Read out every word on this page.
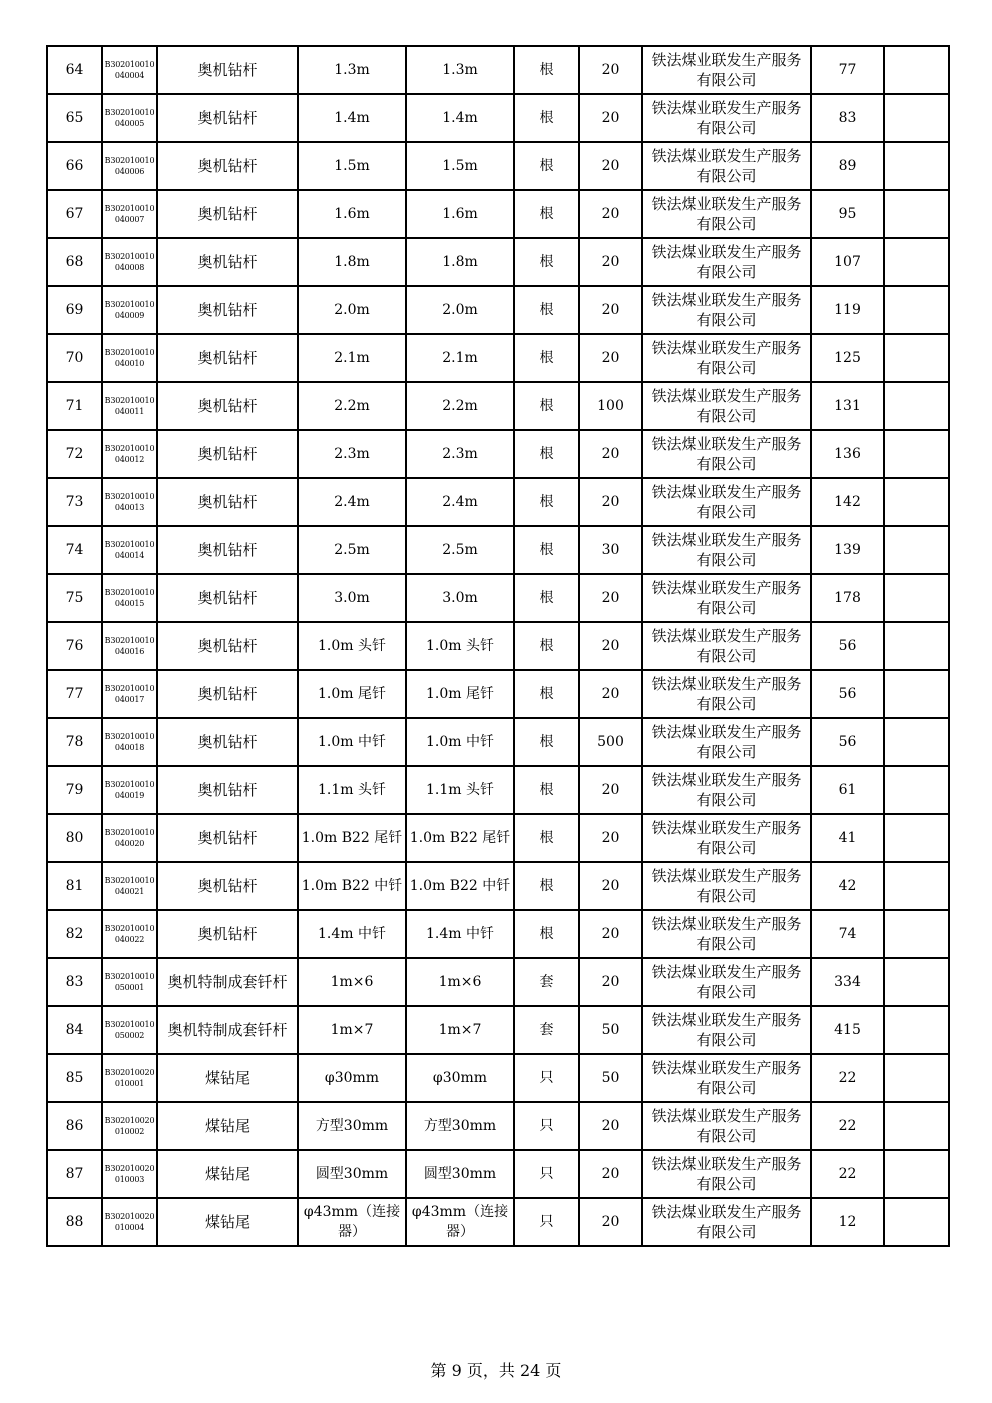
64	B302010010040004	奥机钻杆	1.3m	1.3m	根	20	铁法煤业联发生产服务有限公司	77	
65	B302010010040005	奥机钻杆	1.4m	1.4m	根	20	铁法煤业联发生产服务有限公司	83	
66	B302010010040006	奥机钻杆	1.5m	1.5m	根	20	铁法煤业联发生产服务有限公司	89	
67	B302010010040007	奥机钻杆	1.6m	1.6m	根	20	铁法煤业联发生产服务有限公司	95	
68	B302010010040008	奥机钻杆	1.8m	1.8m	根	20	铁法煤业联发生产服务有限公司	107	
69	B302010010040009	奥机钻杆	2.0m	2.0m	根	20	铁法煤业联发生产服务有限公司	119	
70	B302010010040010	奥机钻杆	2.1m	2.1m	根	20	铁法煤业联发生产服务有限公司	125	
71	B302010010040011	奥机钻杆	2.2m	2.2m	根	100	铁法煤业联发生产服务有限公司	131	
72	B302010010040012	奥机钻杆	2.3m	2.3m	根	20	铁法煤业联发生产服务有限公司	136	
73	B302010010040013	奥机钻杆	2.4m	2.4m	根	20	铁法煤业联发生产服务有限公司	142	
74	B302010010040014	奥机钻杆	2.5m	2.5m	根	30	铁法煤业联发生产服务有限公司	139	
75	B302010010040015	奥机钻杆	3.0m	3.0m	根	20	铁法煤业联发生产服务有限公司	178	
76	B302010010040016	奥机钻杆	1.0m 头钎	1.0m 头钎	根	20	铁法煤业联发生产服务有限公司	56	
77	B302010010040017	奥机钻杆	1.0m 尾钎	1.0m 尾钎	根	20	铁法煤业联发生产服务有限公司	56	
78	B302010010040018	奥机钻杆	1.0m 中钎	1.0m 中钎	根	500	铁法煤业联发生产服务有限公司	56	
79	B302010010040019	奥机钻杆	1.1m 头钎	1.1m 头钎	根	20	铁法煤业联发生产服务有限公司	61	
80	B302010010040020	奥机钻杆	1.0m B22 尾钎	1.0m B22 尾钎	根	20	铁法煤业联发生产服务有限公司	41	
81	B302010010040021	奥机钻杆	1.0m B22 中钎	1.0m B22 中钎	根	20	铁法煤业联发生产服务有限公司	42	
82	B302010010040022	奥机钻杆	1.4m 中钎	1.4m 中钎	根	20	铁法煤业联发生产服务有限公司	74	
83	B302010010050001	奥机特制成套钎杆	1m×6	1m×6	套	20	铁法煤业联发生产服务有限公司	334	
84	B302010010050002	奥机特制成套钎杆	1m×7	1m×7	套	50	铁法煤业联发生产服务有限公司	415	
85	B302010020010001	煤钻尾	φ30mm	φ30mm	只	50	铁法煤业联发生产服务有限公司	22	
86	B302010020010002	煤钻尾	方型30mm	方型30mm	只	20	铁法煤业联发生产服务有限公司	22	
87	B302010020010003	煤钻尾	圆型30mm	圆型30mm	只	20	铁法煤业联发生产服务有限公司	22	
88	B302010020010004	煤钻尾	φ43mm（连接器）	φ43mm（连接器）	只	20	铁法煤业联发生产服务有限公司	12	
第 9 页，共 24 页
